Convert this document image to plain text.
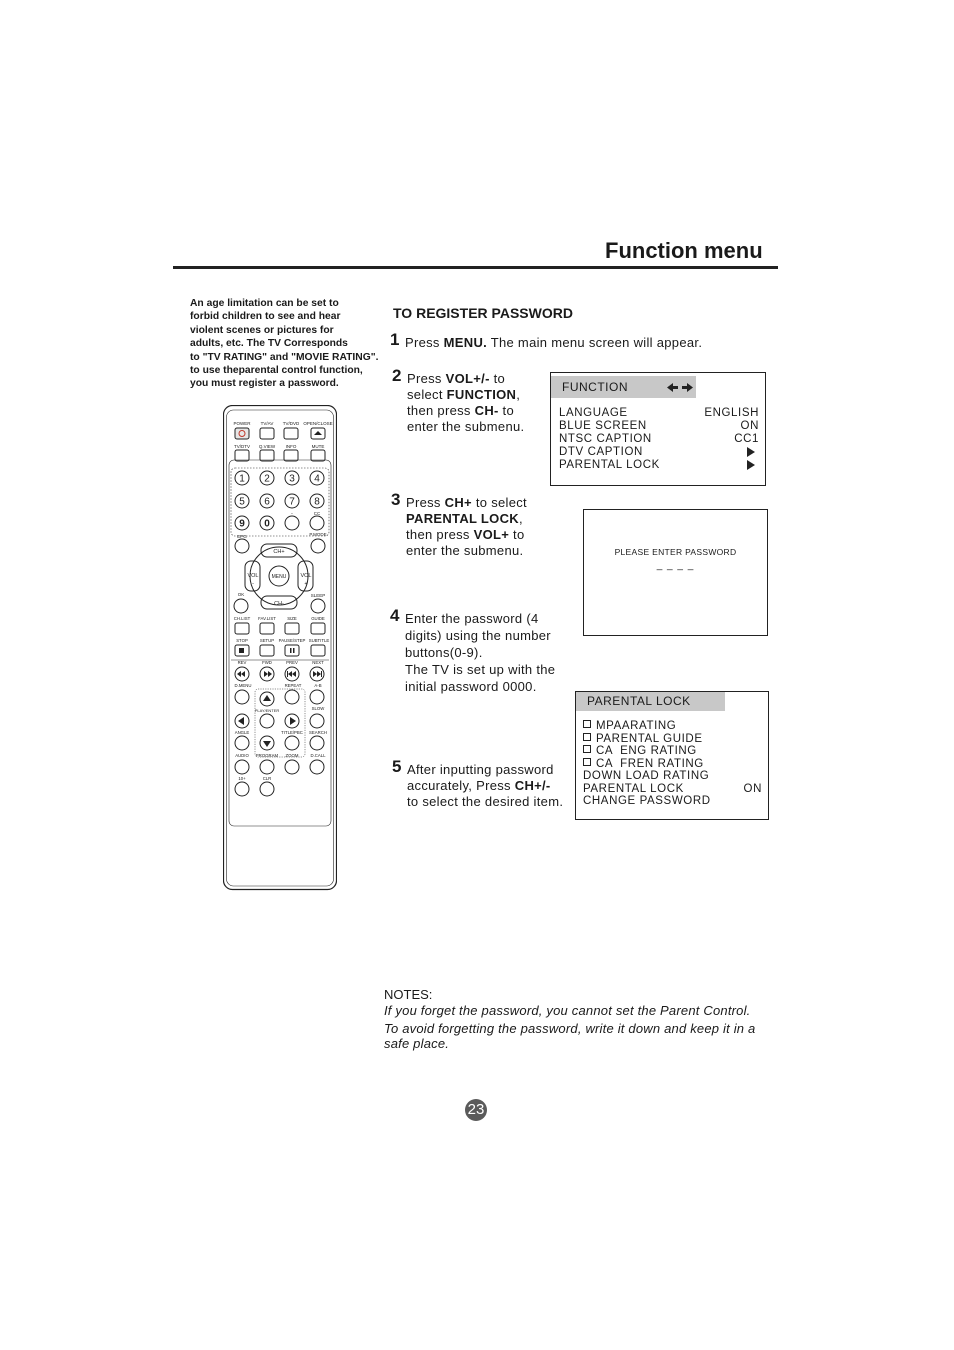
Function menu
An age limitation can be set to
forbid children to see and hear
violent scenes or pictures for
adults, etc. The TV Corresponds
to "TV RATING" and "MOVIE RATING".
to use theparental control function,
you must register a password.
TO REGISTER PASSWORD
1 Press MENU. The main menu screen will appear.
2 Press VOL+/- to
select FUNCTION,
then press CH- to
enter the submenu.
3 Press CH+ to select
PARENTAL LOCK,
then press VOL+ to
enter the submenu.
4 Enter the password (4
digits) using the number
buttons(0-9).
The TV is set up with the
initial password 0000.
5 After inputting password
accurately, Press CH+/-
to select the desired item.
FUNCTION
LANGUAGE	ENGLISH
BLUE SCREEN	ON
NTSC CAPTION	CC1
DTV CAPTION
PARENTAL LOCK
PLEASE ENTER PASSWORD
_ _ _ _
PARENTAL LOCK
MPAARATING
PARENTAL GUIDE
CA  ENG RATING
CA  FREN RATING
DOWN LOAD RATING
PARENTAL LOCK	ON
CHANGE PASSWORD
NOTES:
If you forget the password, you cannot set the Parent Control.
To avoid forgetting the password, write it down and keep it in a safe place.
23
POWER TV/AV TV/DVD OPEN/CLOSE
TV/DTV Q.VIEW INFO	MUTE
1 2 3 4
5 6 7 8
-	CC
9 0
EPG	P.MODE
CH+
CH-
VOL
-
VOL
+
MENU
OK	SLEEP
CH.LIST FAV.LIST	SIZE	GUIDE
STOP	SETUP PAUSE/STEP SUBTITLE
REV	FWD	PREV	NEXT
D.MENU	REPEAT	A-B
PLAY/ENTER	SLOW
ANGLE	TITLE/PBC SEARCH
AUDIO PROGRAM ZOOM	D.CALL
10+	CLR
